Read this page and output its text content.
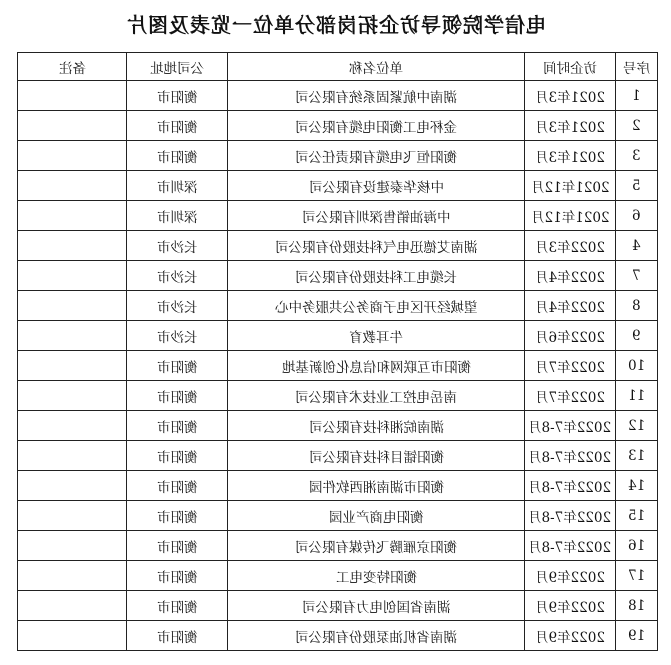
电信学院领导访企拓岗部分单位一览表及图片
备注	公司地址	单位名称	访企时间	序号
	衡阳市	湖南中航紧固系统有限公司	2021年3月	1
	衡阳市	金杯电工衡阳电缆有限公司	2021年3月	2
	衡阳市	衡阳恒飞电缆有限责任公司	2021年3月	3
	深圳市	中核华泰建设有限公司	2021年12月	5
	深圳市	中海油销售深圳有限公司	2021年12月	6
	长沙市	湖南艾德迅电气科技股份有限公司	2022年3月	4
	长沙市	长缆电工科技股份有限公司	2022年4月	7
	长沙市	望城经开区电子商务公共服务中心	2022年4月	8
	长沙市	牛耳教育	2022年6月	9
	衡阳市	衡阳市互联网和信息化创新基地	2022年7月	10
	衡阳市	南岳电控工业技术有限公司	2022年7月	11
	衡阳市	湖南皖湘科技有限公司	2022年7-8月	12
	衡阳市	衡阳镭目科技有限公司	2022年7-8月	13
	衡阳市	衡阳市湖南湘西软件园	2022年7-8月	14
	衡阳市	衡阳电商产业园	2022年7-8月	15
	衡阳市	衡阳京雁腾飞传媒有限公司	2022年7-8月	16
	衡阳市	衡阳特变电工	2022年9月	17
	衡阳市	湖南省国创电力有限公司	2022年9月	18
	衡阳市	湖南省机油泵股份有限公司	2022年9月	19
